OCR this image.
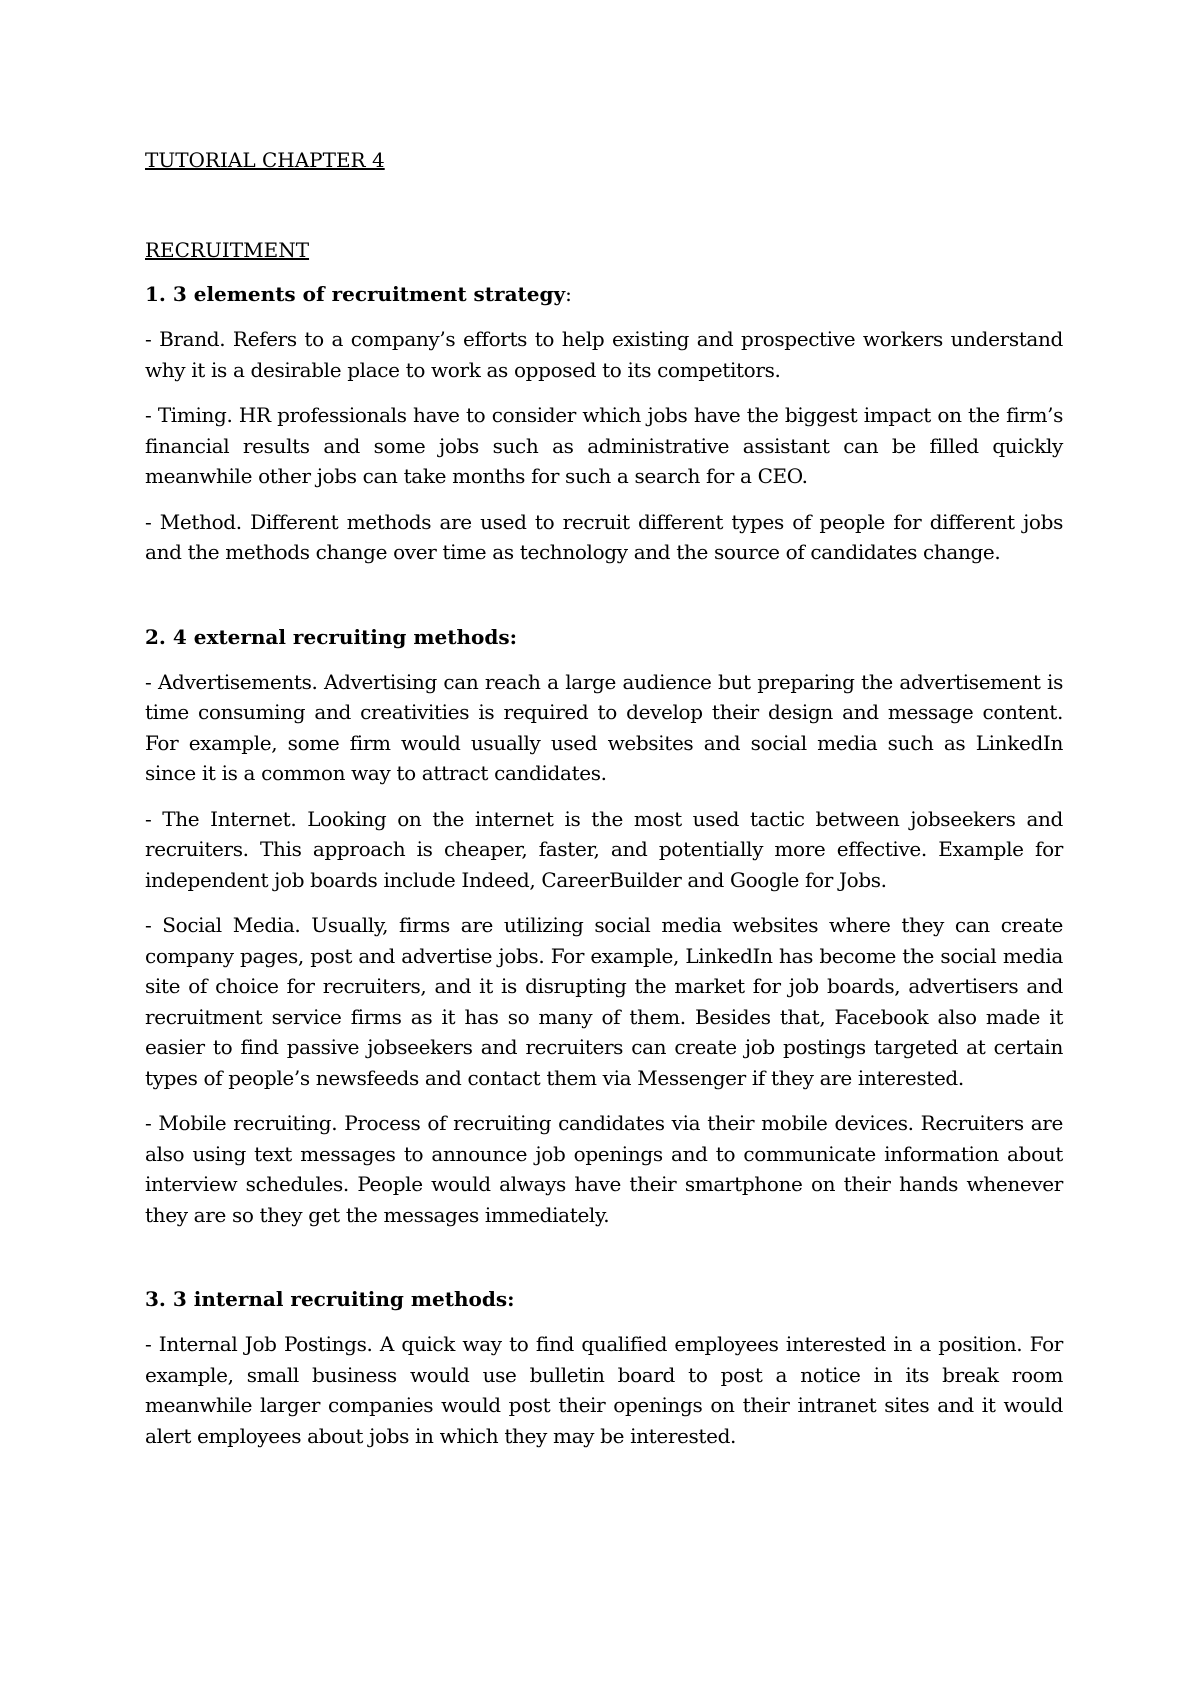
TUTORIAL CHAPTER 4

RECRUITMENT

1. 3 elements of recruitment strategy:

- Brand. Refers to a company’s efforts to help existing and prospective workers understand why it is a desirable place to work as opposed to its competitors.

- Timing. HR professionals have to consider which jobs have the biggest impact on the firm’s financial results and some jobs such as administrative assistant can be filled quickly meanwhile other jobs can take months for such a search for a CEO.

- Method. Different methods are used to recruit different types of people for different jobs and the methods change over time as technology and the source of candidates change.

2. 4 external recruiting methods:

- Advertisements. Advertising can reach a large audience but preparing the advertisement is time consuming and creativities is required to develop their design and message content. For example, some firm would usually used websites and social media such as LinkedIn since it is a common way to attract candidates.

- The Internet. Looking on the internet is the most used tactic between jobseekers and recruiters. This approach is cheaper, faster, and potentially more effective. Example for independent job boards include Indeed, CareerBuilder and Google for Jobs.

- Social Media. Usually, firms are utilizing social media websites where they can create company pages, post and advertise jobs. For example, LinkedIn has become the social media site of choice for recruiters, and it is disrupting the market for job boards, advertisers and recruitment service firms as it has so many of them. Besides that, Facebook also made it easier to find passive jobseekers and recruiters can create job postings targeted at certain types of people’s newsfeeds and contact them via Messenger if they are interested.

- Mobile recruiting. Process of recruiting candidates via their mobile devices. Recruiters are also using text messages to announce job openings and to communicate information about interview schedules. People would always have their smartphone on their hands whenever they are so they get the messages immediately.

3. 3 internal recruiting methods:

- Internal Job Postings. A quick way to find qualified employees interested in a position. For example, small business would use bulletin board to post a notice in its break room meanwhile larger companies would post their openings on their intranet sites and it would alert employees about jobs in which they may be interested.
